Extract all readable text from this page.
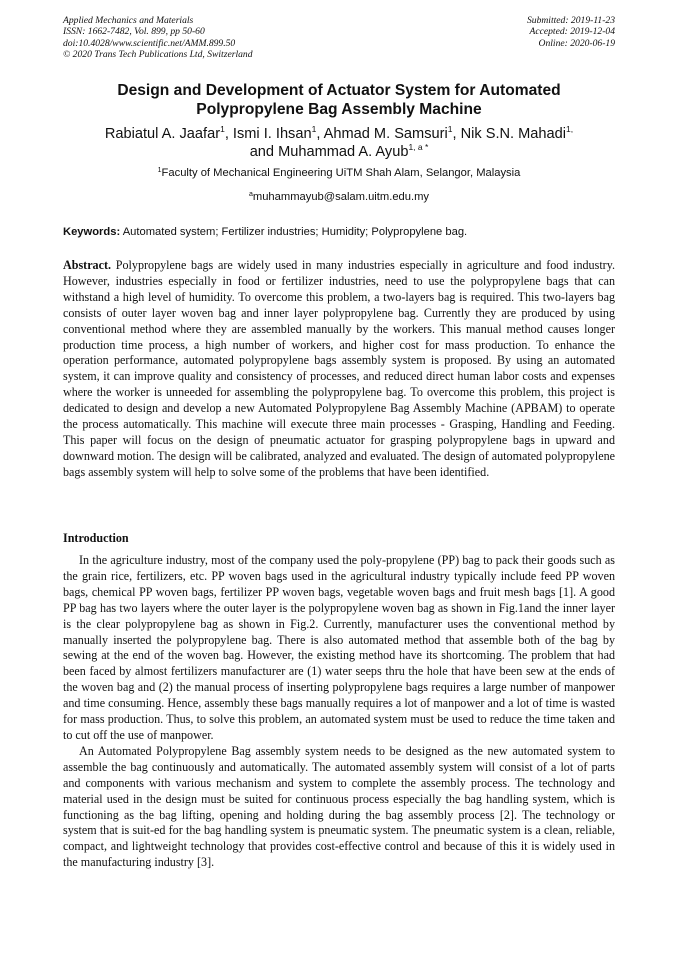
Applied Mechanics and Materials
ISSN: 1662-7482, Vol. 899, pp 50-60
doi:10.4028/www.scientific.net/AMM.899.50
© 2020 Trans Tech Publications Ltd, Switzerland
Submitted: 2019-11-23
Accepted: 2019-12-04
Online: 2020-06-19
Design and Development of Actuator System for Automated
Polypropylene Bag Assembly Machine
Rabiatul A. Jaafar$^1$, Ismi I. Ihsan$^1$, Ahmad M. Samsuri$^1$, Nik S.N. Mahadi$^{1,}$
and Muhammad A. Ayub$^{1, a *}$
$^1$Faculty of Mechanical Engineering UiTM Shah Alam, Selangor, Malaysia
$^a$muhammayub@salam.uitm.edu.my
Keywords: Automated system; Fertilizer industries; Humidity; Polypropylene bag.
Abstract. Polypropylene bags are widely used in many industries especially in agriculture and food industry. However, industries especially in food or fertilizer industries, need to use the polypropylene bags that can withstand a high level of humidity. To overcome this problem, a two-layers bag is required. This two-layers bag consists of outer layer woven bag and inner layer polypropylene bag. Currently they are produced by using conventional method where they are assembled manually by the workers. This manual method causes longer production time process, a high number of workers, and higher cost for mass production. To enhance the operation performance, automated polypropylene bags assembly system is proposed. By using an automated system, it can improve quality and consistency of processes, and reduced direct human labor costs and expenses where the worker is unneeded for assembling the polypropylene bag. To overcome this problem, this project is dedicated to design and develop a new Automated Polypropylene Bag Assembly Machine (APBAM) to operate the process automatically. This machine will execute three main processes - Grasping, Handling and Feeding. This paper will focus on the design of pneumatic actuator for grasping polypropylene bags in upward and downward motion. The design will be calibrated, analyzed and evaluated. The design of automated polypropylene bags assembly system will help to solve some of the problems that have been identified.
Introduction

In the agriculture industry, most of the company used the poly-propylene (PP) bag to pack their goods such as the grain rice, fertilizers, etc. PP woven bags used in the agricultural industry typically include feed PP woven bags, chemical PP woven bags, fertilizer PP woven bags, vegetable woven bags and fruit mesh bags [1]. A good PP bag has two layers where the outer layer is the polypropylene woven bag as shown in Fig.1and the inner layer is the clear polypropylene bag as shown in Fig.2. Currently, manufacturer uses the conventional method by manually inserted the polypropylene bag. There is also automated method that assemble both of the bag by sewing at the end of the woven bag. However, the existing method have its shortcoming. The problem that had been faced by almost fertilizers manufacturer are (1) water seeps thru the hole that have been sew at the ends of the woven bag and (2) the manual process of inserting polypropylene bags requires a large number of manpower and time consuming. Hence, assembly these bags manually requires a lot of manpower and a lot of time is wasted for mass production. Thus, to solve this problem, an automated system must be used to reduce the time taken and to cut off the use of manpower.

An Automated Polypropylene Bag assembly system needs to be designed as the new automated system to assemble the bag continuously and automatically. The automated assembly system will consist of a lot of parts and components with various mechanism and system to complete the assembly process. The technology and material used in the design must be suited for continuous process especially the bag handling system, which is functioning as the bag lifting, opening and holding during the bag assembly process [2]. The technology or system that is suit-ed for the bag handling system is pneumatic system. The pneumatic system is a clean, reliable, compact, and lightweight technology that provides cost-effective control and because of this it is widely used in the manufacturing industry [3].
